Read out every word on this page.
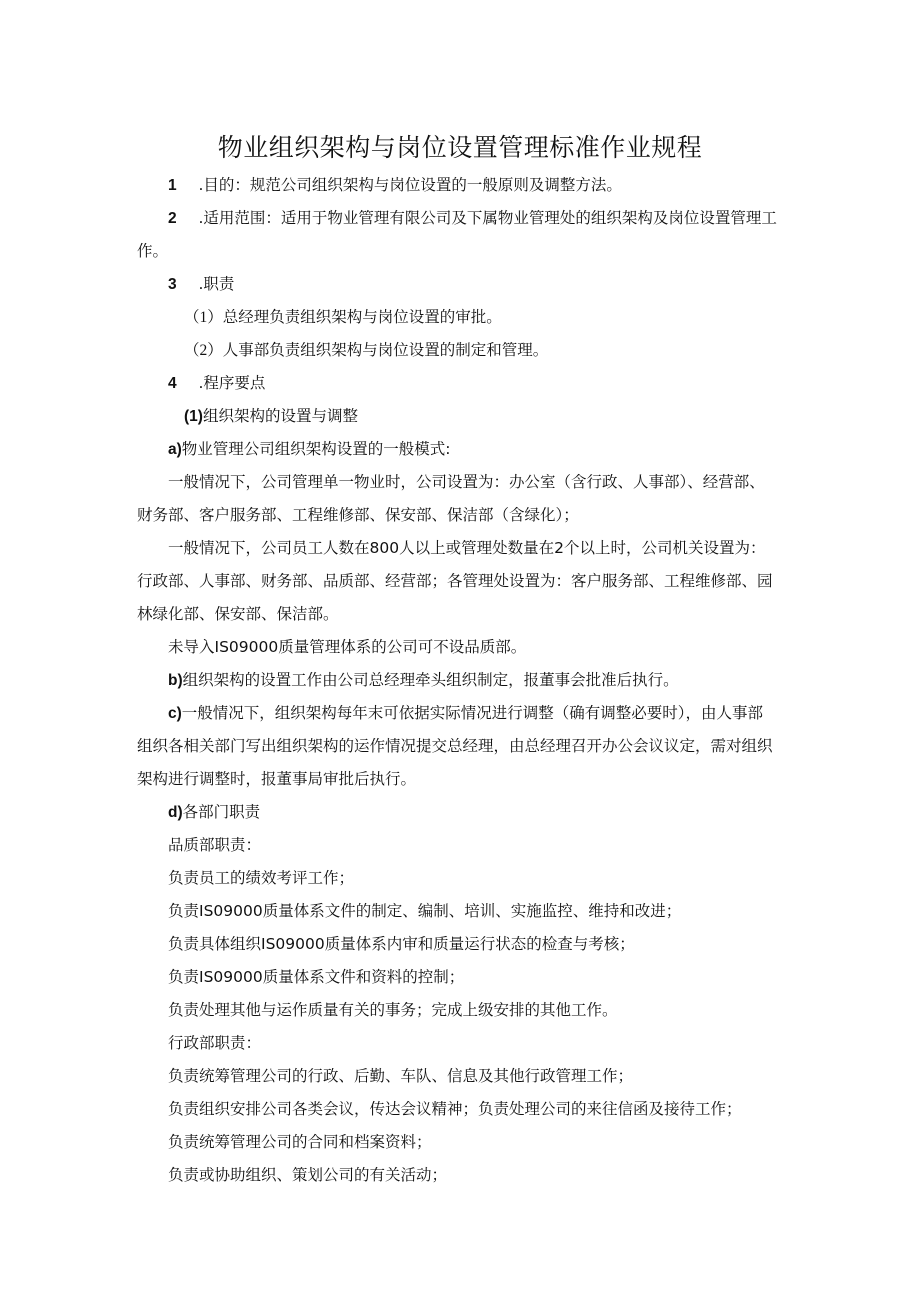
物业组织架构与岗位设置管理标准作业规程
1 .目的：规范公司组织架构与岗位设置的一般原则及调整方法。
2 .适用范围：适用于物业管理有限公司及下属物业管理处的组织架构及岗位设置管理工
作。
3 .职责
（1）总经理负责组织架构与岗位设置的审批。
（2）人事部负责组织架构与岗位设置的制定和管理。
4 .程序要点
(1)组织架构的设置与调整
a)物业管理公司组织架构设置的一般模式:
一般情况下，公司管理单一物业时，公司设置为：办公室（含行政、人事部）、经营部、
财务部、客户服务部、工程维修部、保安部、保洁部（含绿化）；
一般情况下，公司员工人数在800人以上或管理处数量在2个以上时，公司机关设置为：
行政部、人事部、财务部、品质部、经营部；各管理处设置为：客户服务部、工程维修部、园
林绿化部、保安部、保洁部。
未导入IS09000质量管理体系的公司可不设品质部。
b)组织架构的设置工作由公司总经理牵头组织制定，报董事会批准后执行。
c)一般情况下，组织架构每年末可依据实际情况进行调整（确有调整必要时），由人事部
组织各相关部门写出组织架构的运作情况提交总经理，由总经理召开办公会议议定，需对组织
架构进行调整时，报董事局审批后执行。
d)各部门职责
品质部职责：
负责员工的绩效考评工作；
负责IS09000质量体系文件的制定、编制、培训、实施监控、维持和改进；
负责具体组织IS09000质量体系内审和质量运行状态的检查与考核；
负责IS09000质量体系文件和资料的控制；
负责处理其他与运作质量有关的事务；完成上级安排的其他工作。
行政部职责：
负责统筹管理公司的行政、后勤、车队、信息及其他行政管理工作；
负责组织安排公司各类会议，传达会议精神；负责处理公司的来往信函及接待工作；
负责统筹管理公司的合同和档案资料；
负责或协助组织、策划公司的有关活动；
